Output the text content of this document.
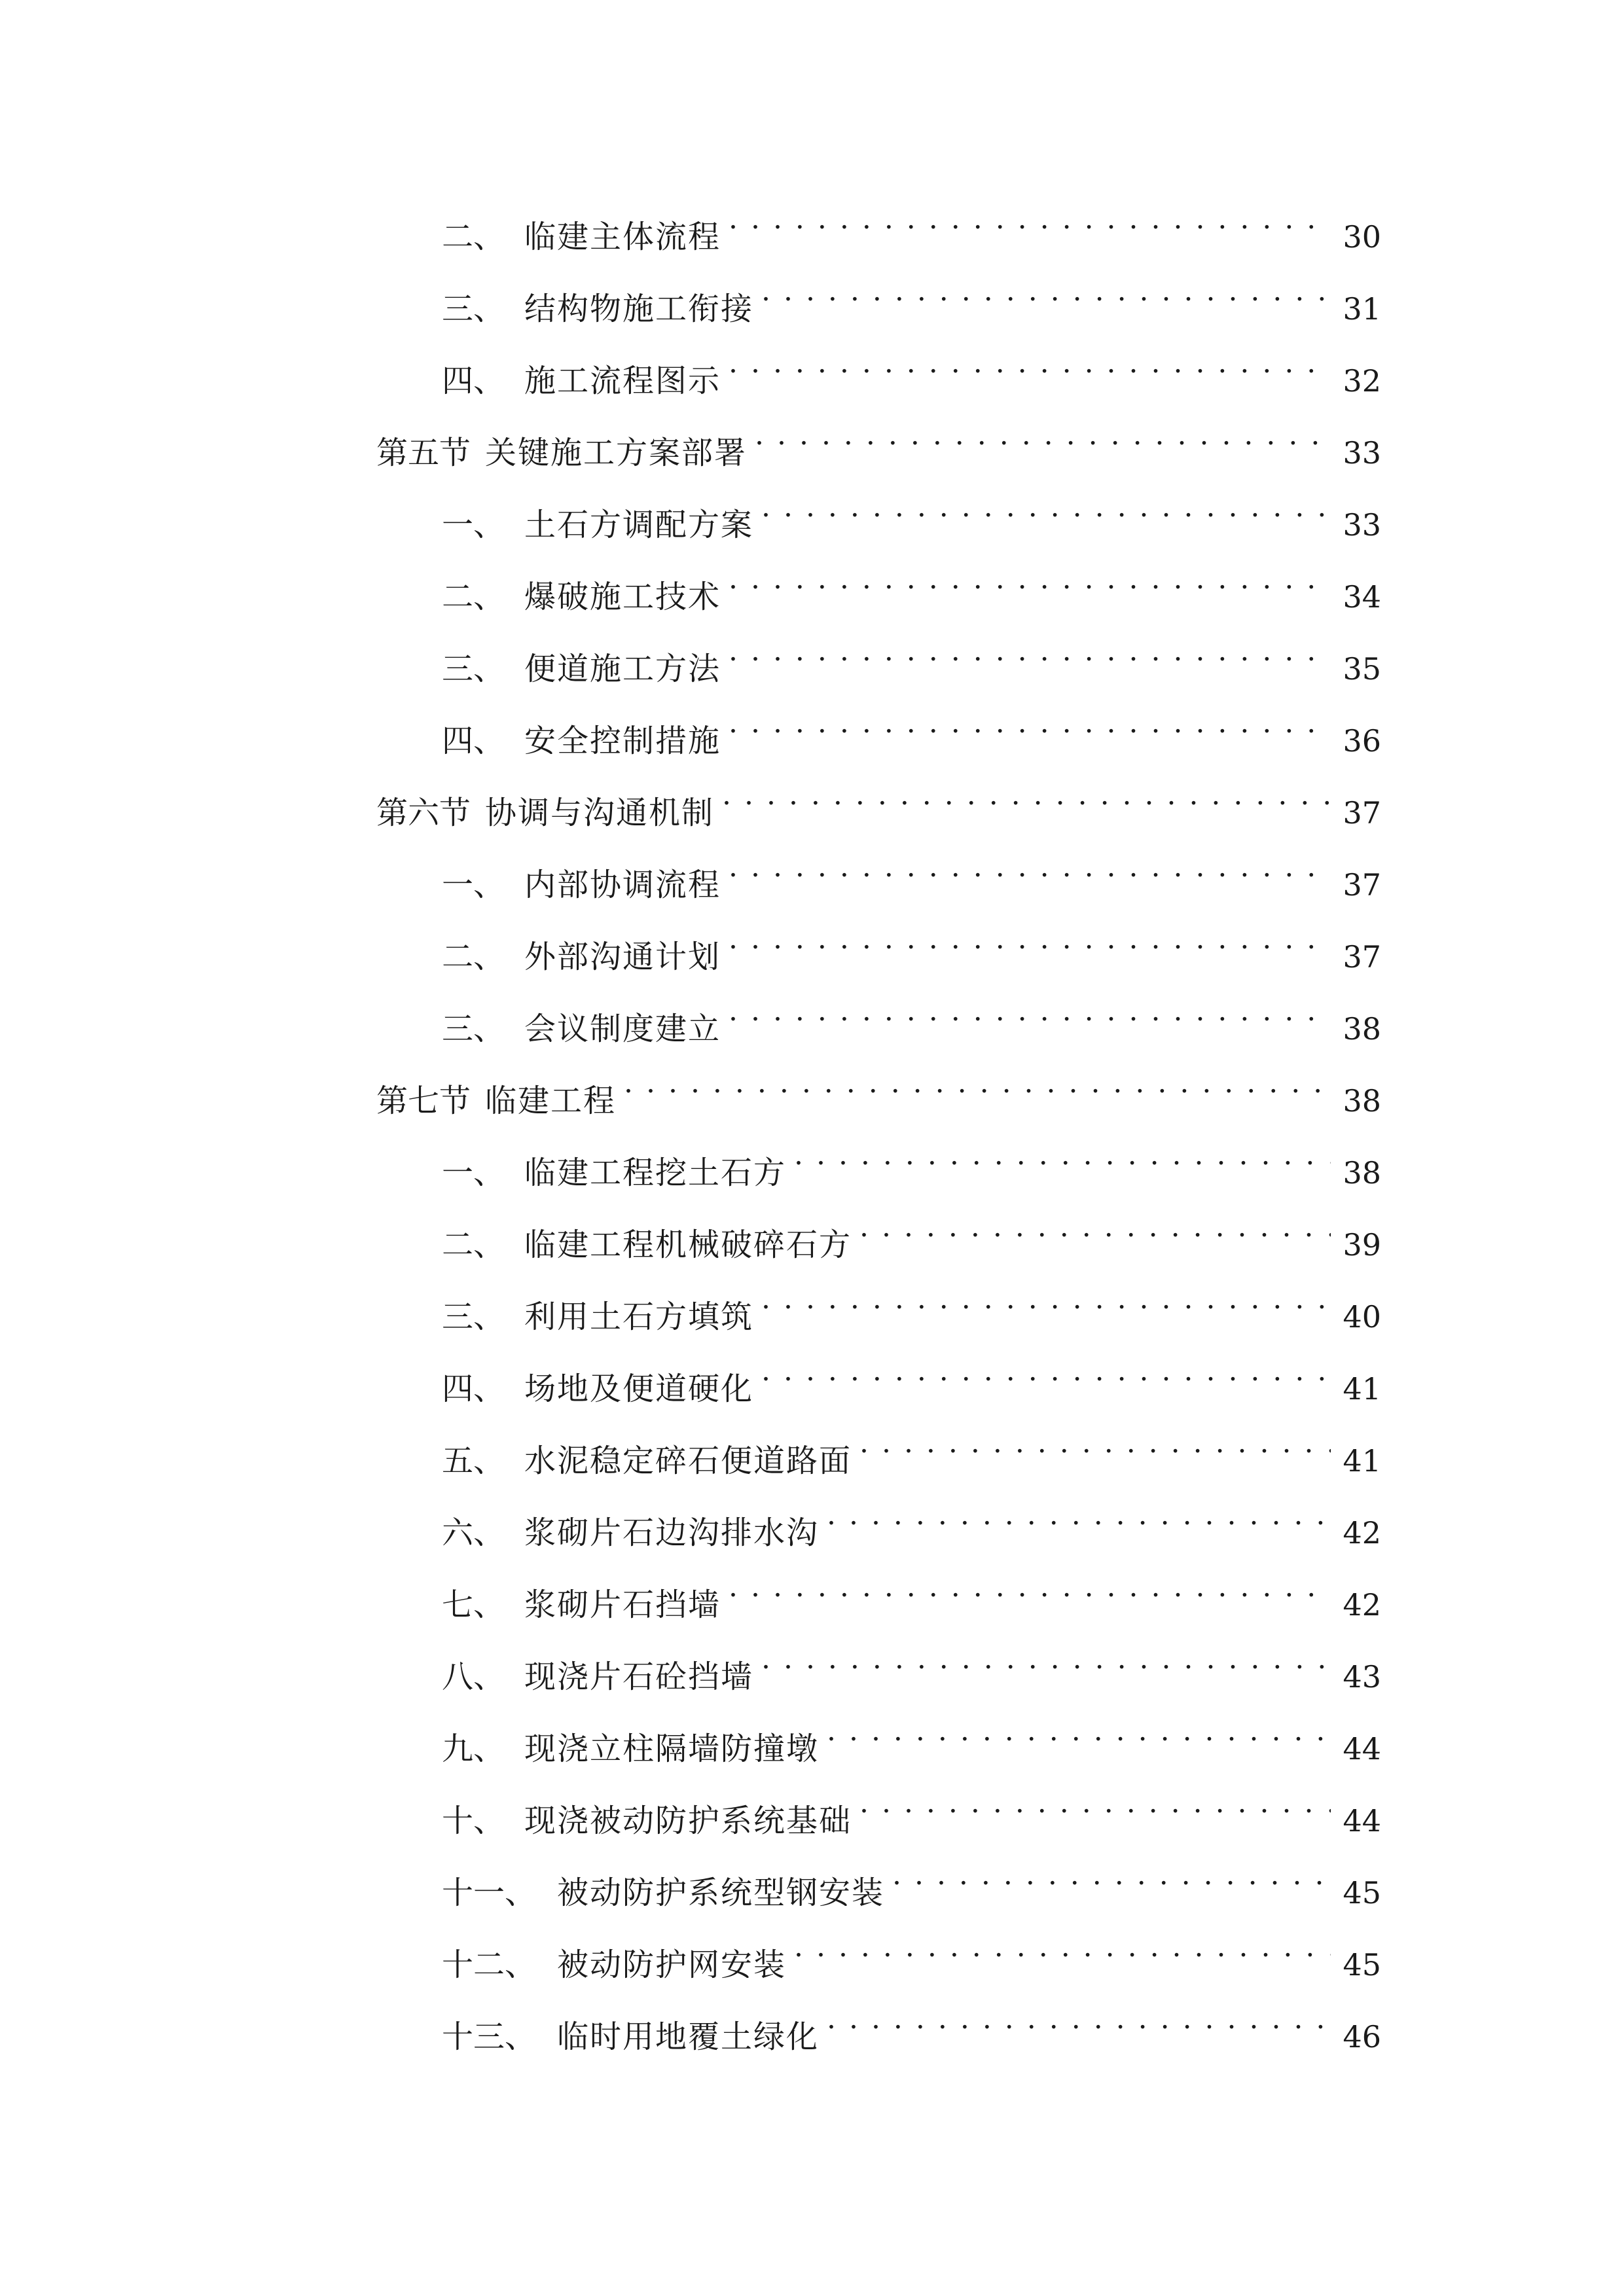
二、 临建主体流程 . . .	30
三、 结构物施工衔接 . . .	31
四、 施工流程图示 . . .	32
第五节 关键施工方案部署 . . .	33
一、 土石方调配方案 . . .	33
二、 爆破施工技术 . . .	34
三、 便道施工方法 . . .	35
四、 安全控制措施 . . .	36
第六节 协调与沟通机制 . . .	37
一、 内部协调流程 . . .	37
二、 外部沟通计划 . . .	37
三、 会议制度建立 . . .	38
第七节 临建工程 . . .	38
一、 临建工程挖土石方 . . .	38
二、 临建工程机械破碎石方 . . .	39
三、 利用土石方填筑 . . .	40
四、 场地及便道硬化 . . .	41
五、 水泥稳定碎石便道路面 . . .	41
六、 浆砌片石边沟排水沟 . . .	42
七、 浆砌片石挡墙 . . .	42
八、 现浇片石砼挡墙 . . .	43
九、 现浇立柱隔墙防撞墩 . . .	44
十、 现浇被动防护系统基础 . . .	44
十一、 被动防护系统型钢安装 . . .	45
十二、 被动防护网安装 . . .	45
十三、 临时用地覆土绿化 . . .	46
